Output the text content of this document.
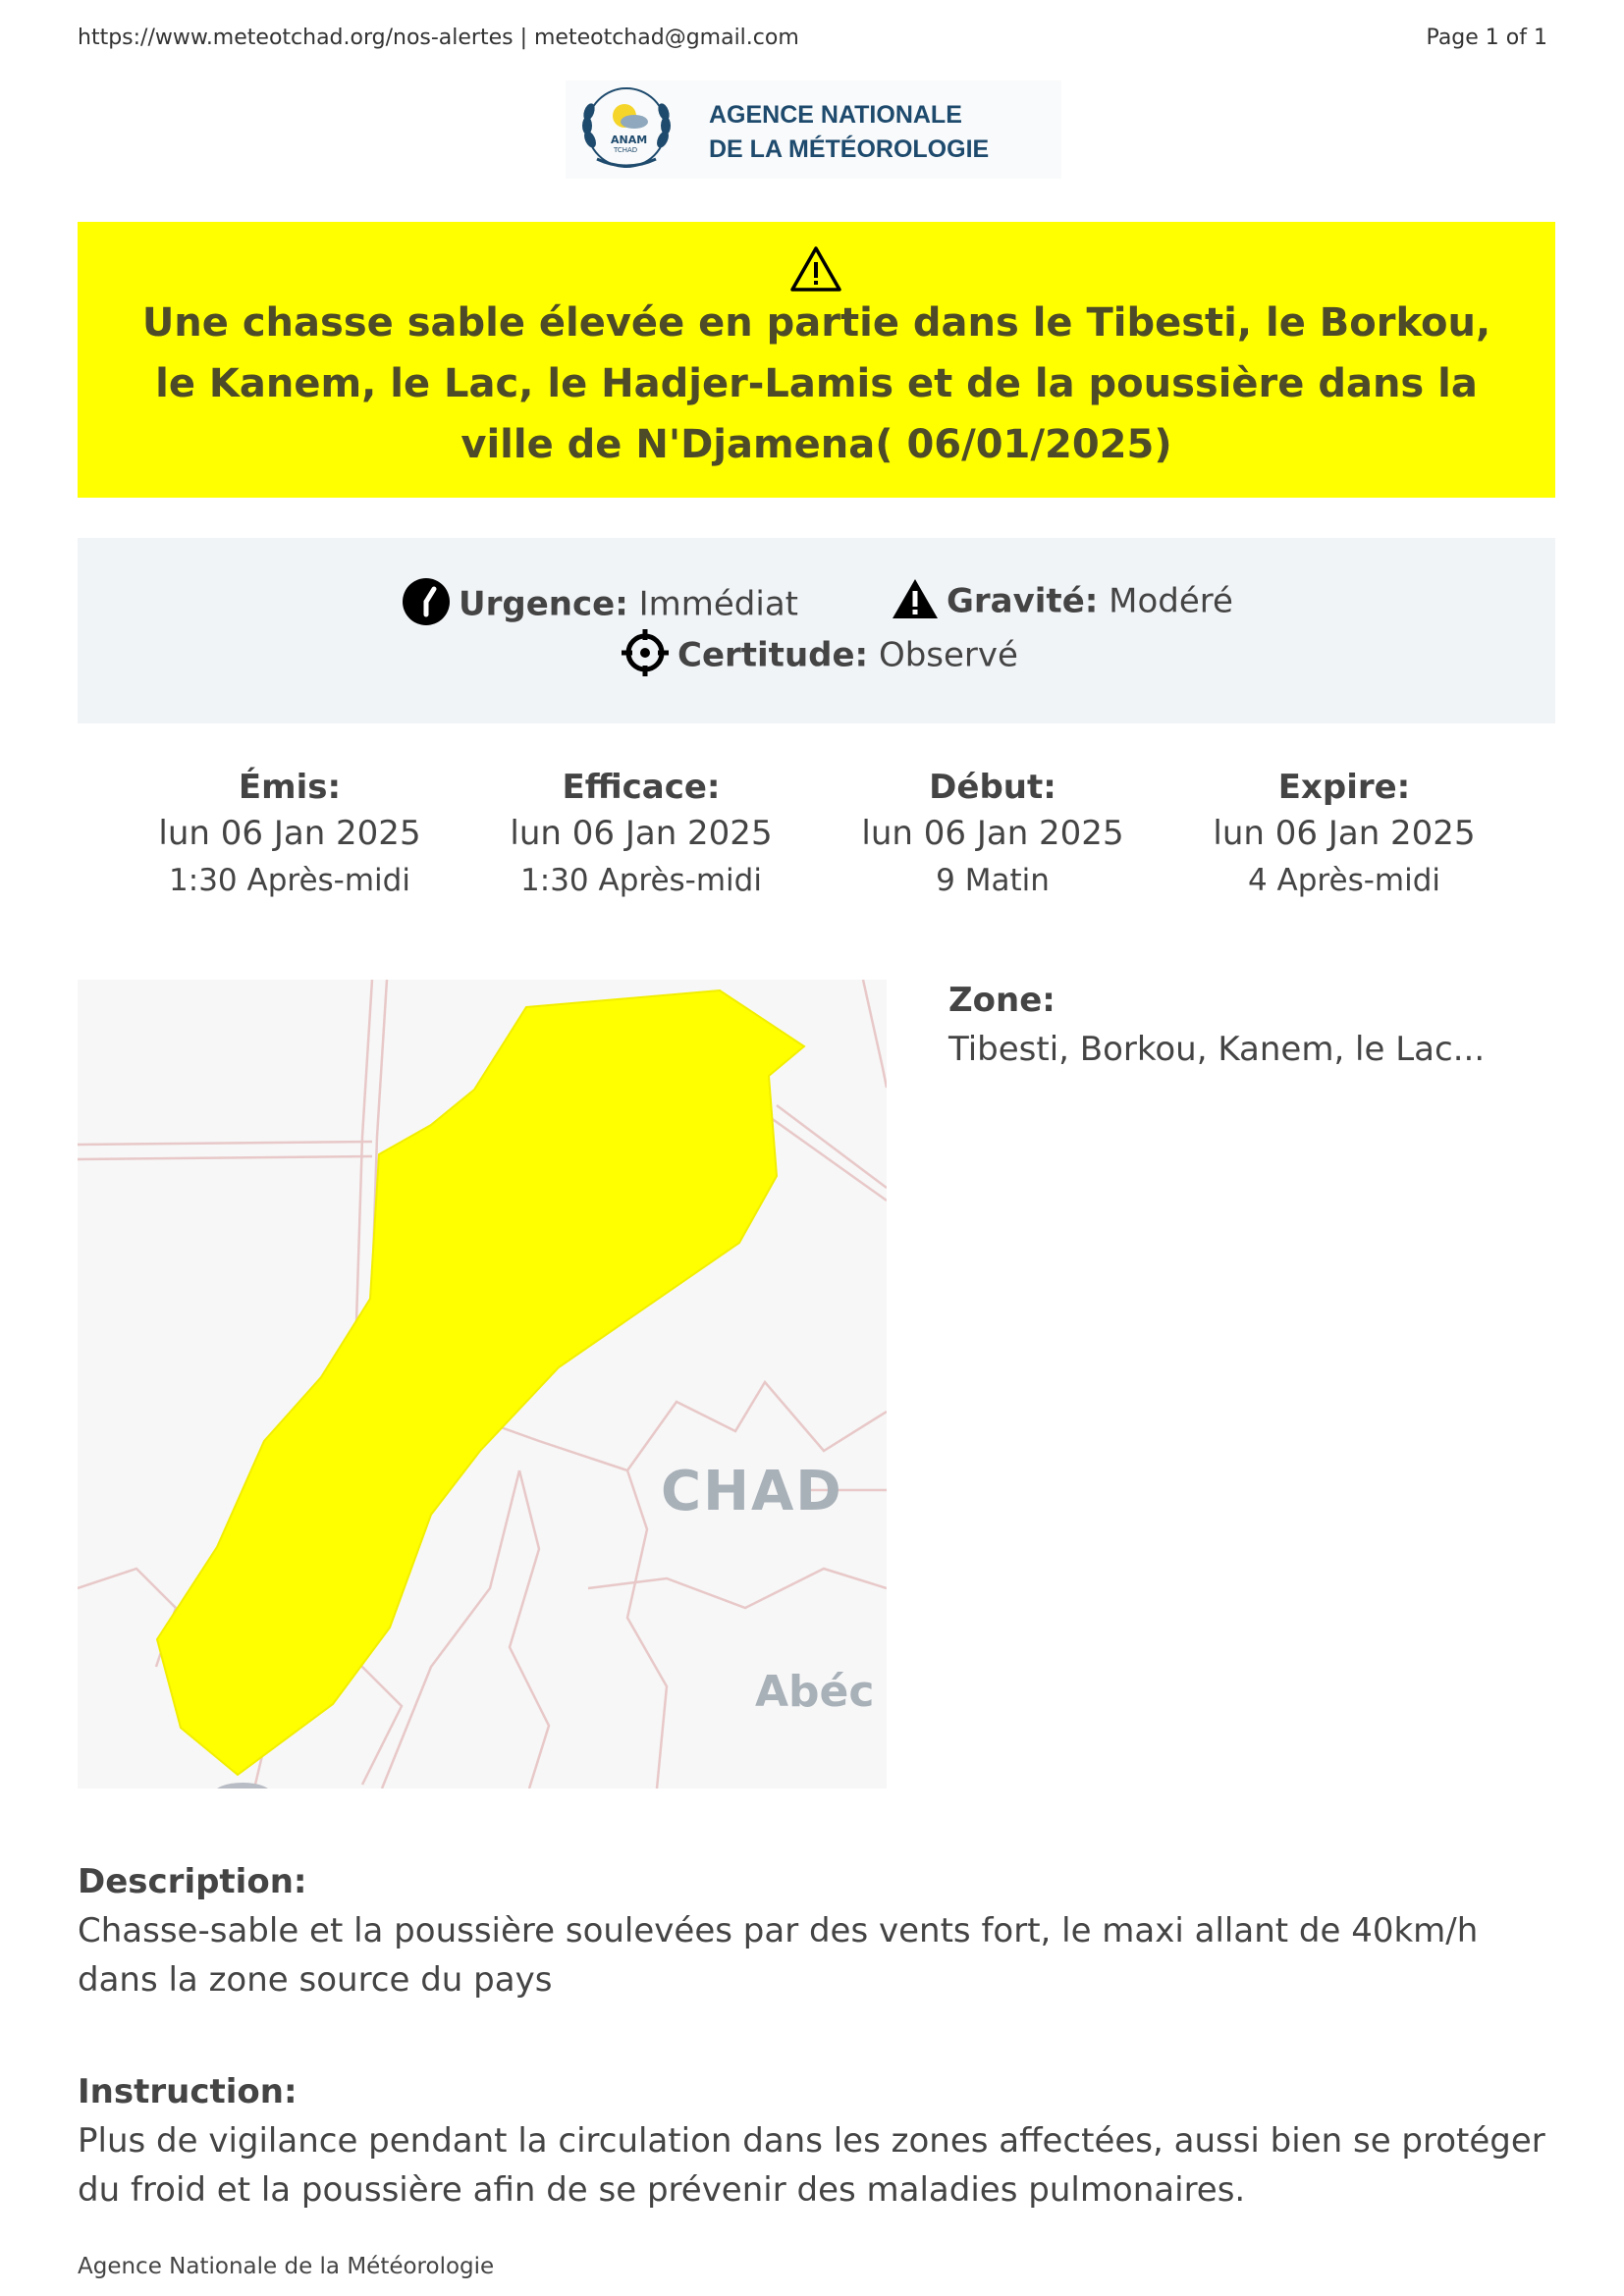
https://www.meteotchad.org/nos-alertes | meteotchad@gmail.com	Page 1 of 1
ANAM
TCHAD
AGENCE NATIONALE
DE LA MÉTÉOROLOGIE
Une chasse sable élevée en partie dans le Tibesti, le Borkou, le Kanem, le Lac, le Hadjer-Lamis et de la poussière dans la ville de N'Djamena( 06/01/2025)
Urgence: Immédiat	Gravité: Modéré
Certitude: Observé
Émis:
lun 06 Jan 2025
1:30 Après-midi
Efficace:
lun 06 Jan 2025
1:30 Après-midi
Début:
lun 06 Jan 2025
9 Matin
Expire:
lun 06 Jan 2025
4 Après-midi
CHAD
Abéc
Zone:
Tibesti, Borkou, Kanem, le Lac...
Description:
Chasse-sable et la poussière soulevées par des vents fort, le maxi allant de 40km/h dans la zone source du pays
Instruction:
Plus de vigilance pendant la circulation dans les zones affectées, aussi bien se protéger du froid et la poussière afin de se prévenir des maladies pulmonaires.
Agence Nationale de la Météorologie
